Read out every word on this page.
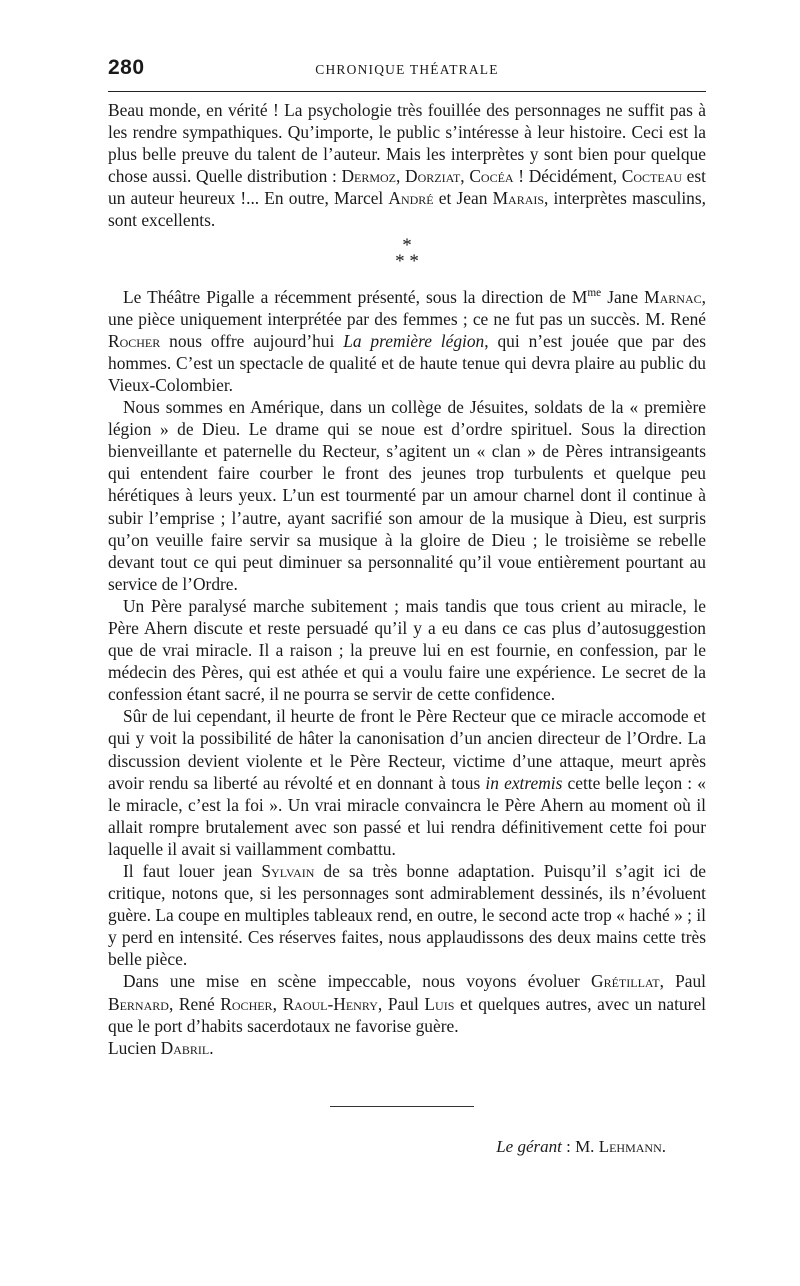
280	CHRONIQUE THÉATRALE

Beau monde, en vérité ! La psychologie très fouillée des personnages ne suffit pas à les rendre sympathiques. Qu’importe, le public s’intéresse à leur histoire. Ceci est la plus belle preuve du talent de l’auteur. Mais les interprètes y sont bien pour quelque chose aussi. Quelle distribution : Dermoz, Dorziat, Cocéa ! Décidément, Cocteau est un auteur heureux !... En outre, Marcel André et Jean Marais, interprètes masculins, sont excellents.

*
* *

Le Théâtre Pigalle a récemment présenté, sous la direction de $M^{me}$ Jane Marnac, une pièce uniquement interprétée par des femmes ; ce ne fut pas un succès. M. René Rocher nous offre aujourd’hui La première légion, qui n’est jouée que par des hommes. C’est un spectacle de qualité et de haute tenue qui devra plaire au public du Vieux-Colombier.

Nous sommes en Amérique, dans un collège de Jésuites, soldats de la « première légion » de Dieu. Le drame qui se noue est d’ordre spirituel. Sous la direction bienveillante et paternelle du Recteur, s’agitent un « clan » de Pères intransigeants qui entendent faire courber le front des jeunes trop turbulents et quelque peu hérétiques à leurs yeux. L’un est tourmenté par un amour charnel dont il continue à subir l’emprise ; l’autre, ayant sacrifié son amour de la musique à Dieu, est surpris qu’on veuille faire servir sa musique à la gloire de Dieu ; le troisième se rebelle devant tout ce qui peut diminuer sa personnalité qu’il voue entièrement pourtant au service de l’Ordre.

Un Père paralysé marche subitement ; mais tandis que tous crient au miracle, le Père Ahern discute et reste persuadé qu’il y a eu dans ce cas plus d’autosuggestion que de vrai miracle. Il a raison ; la preuve lui en est fournie, en confession, par le médecin des Pères, qui est athée et qui a voulu faire une expérience. Le secret de la confession étant sacré, il ne pourra se servir de cette confidence.

Sûr de lui cependant, il heurte de front le Père Recteur que ce miracle accomode et qui y voit la possibilité de hâter la canonisation d’un ancien directeur de l’Ordre. La discussion devient violente et le Père Recteur, victime d’une attaque, meurt après avoir rendu sa liberté au révolté et en donnant à tous in extremis cette belle leçon : « le miracle, c’est la foi ». Un vrai miracle convaincra le Père Ahern au moment où il allait rompre brutalement avec son passé et lui rendra définitivement cette foi pour laquelle il avait si vaillamment combattu.

Il faut louer jean Sylvain de sa très bonne adaptation. Puisqu’il s’agit ici de critique, notons que, si les personnages sont admirablement dessinés, ils n’évoluent guère. La coupe en multiples tableaux rend, en outre, le second acte trop « haché » ; il y perd en intensité. Ces réserves faites, nous applaudissons des deux mains cette très belle pièce.

Dans une mise en scène impeccable, nous voyons évoluer Grétillat, Paul Bernard, René Rocher, Raoul-Henry, Paul Luis et quelques autres, avec un naturel que le port d’habits sacerdotaux ne favorise guère.

Lucien Dabril.

Le gérant : M. Lehmann.
